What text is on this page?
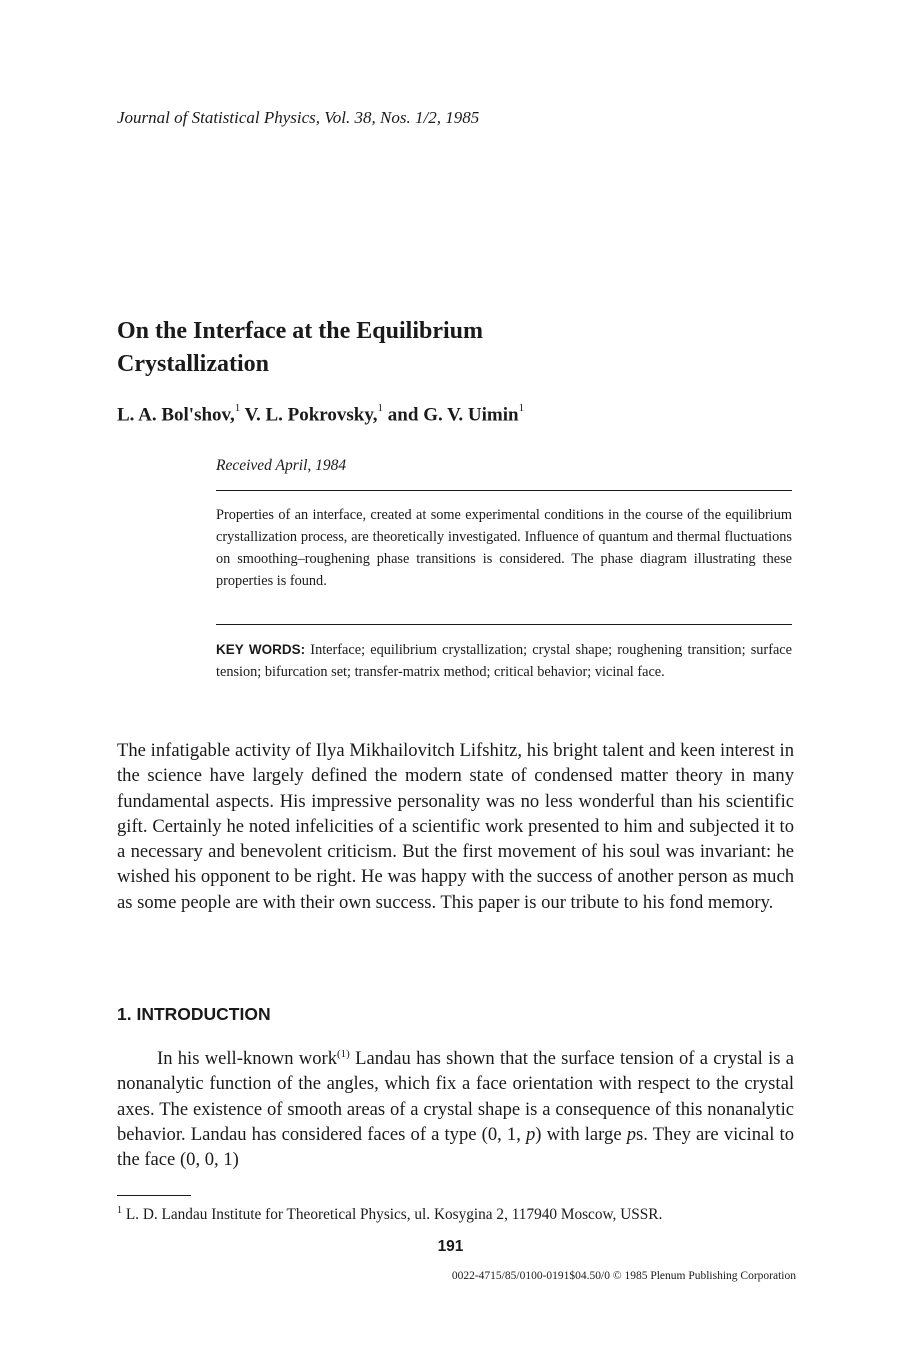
Journal of Statistical Physics, Vol. 38, Nos. 1/2, 1985
On the Interface at the Equilibrium
Crystallization
L. A. Bol'shov,$^1$ V. L. Pokrovsky,$^1$ and G. V. Uimin$^1$
Received April, 1984

Properties of an interface, created at some experimental conditions in the course of the equilibrium crystallization process, are theoretically investigated. Influence of quantum and thermal fluctuations on smoothing–roughening phase transitions is considered. The phase diagram illustrating these properties is found.

KEY WORDS: Interface; equilibrium crystallization; crystal shape; roughening transition; surface tension; bifurcation set; transfer-matrix method; critical behavior; vicinal face.

The infatigable activity of Ilya Mikhailovitch Lifshitz, his bright talent and keen interest in the science have largely defined the modern state of condensed matter theory in many fundamental aspects. His impressive personality was no less wonderful than his scientific gift. Certainly he noted infelicities of a scientific work presented to him and subjected it to a necessary and benevolent criticism. But the first movement of his soul was invariant: he wished his opponent to be right. He was happy with the success of another person as much as some people are with their own success. This paper is our tribute to his fond memory.

1. INTRODUCTION

In his well-known work$^{(1)}$ Landau has shown that the surface tension of a crystal is a nonanalytic function of the angles, which fix a face orientation with respect to the crystal axes. The existence of smooth areas of a crystal shape is a consequence of this nonanalytic behavior. Landau has considered faces of a type (0, 1, p) with large ps. They are vicinal to the face (0, 0, 1)

$^1$ L. D. Landau Institute for Theoretical Physics, ul. Kosygina 2, 117940 Moscow, USSR.
191
0022-4715/85/0100-0191$04.50/0 © 1985 Plenum Publishing Corporation
